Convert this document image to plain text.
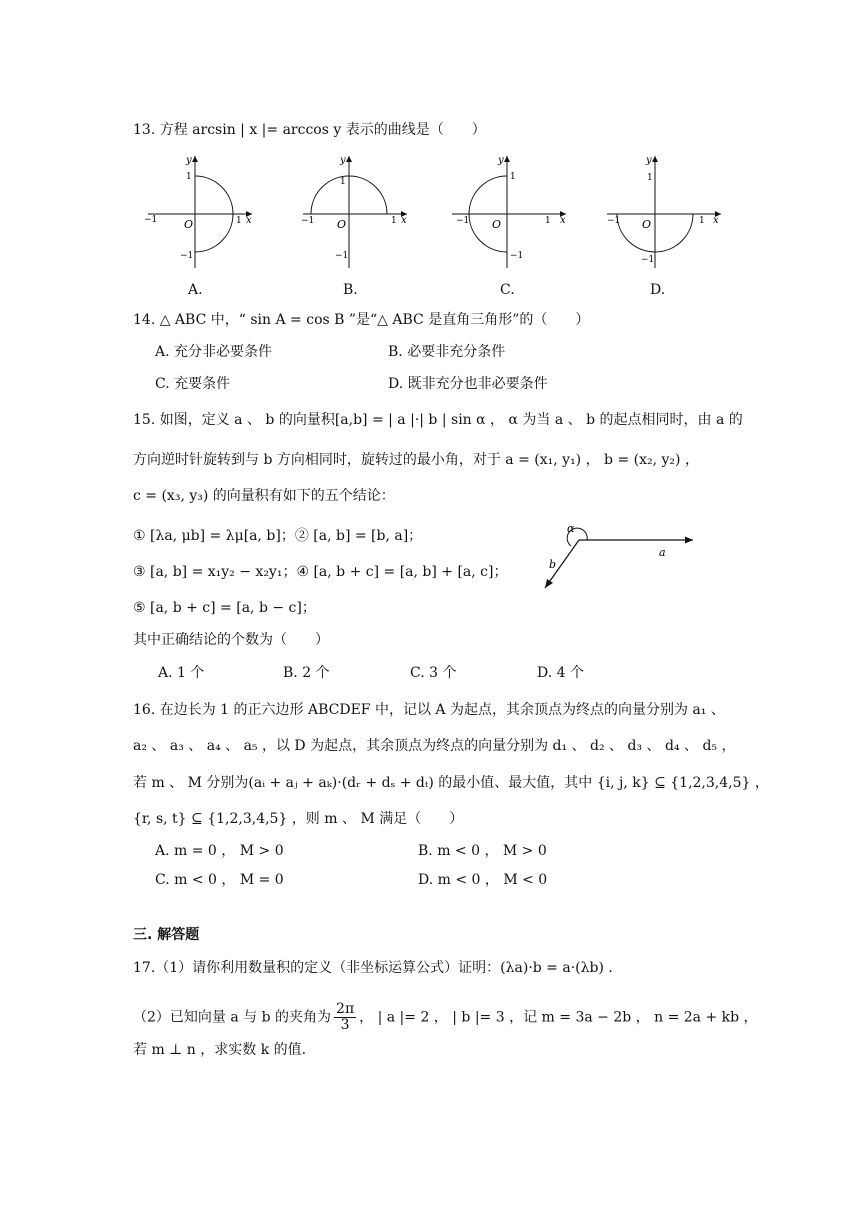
13. 方程 arcsin | x |= arccos y 表示的曲线是（　　）
−1	1 x
y
1
O
−1
A.
−1	1 x
y
1
O
−1
B.
−1	1 x
y
1
O
−1
C.
−1	1 x
y
1
O
−1
D.
14. △ ABC 中，“ sin A = cos B ”是“△ ABC 是直角三角形”的（　　）
A. 充分非必要条件	B. 必要非充分条件
C. 充要条件	D. 既非充分也非必要条件
15. 如图，定义 a 、 b 的向量积[a,b] = | a |·| b | sin α ， α 为当 a 、 b 的起点相同时，由 a 的
方向逆时针旋转到与 b 方向相同时，旋转过的最小角，对于 a = (x₁, y₁) ， b = (x₂, y₂) ，
c = (x₃, y₃) 的向量积有如下的五个结论：
① [λa, μb] = λμ[a, b]；② [a, b] = [b, a]；
③ [a, b] = x₁y₂ − x₂y₁；④ [a, b + c] = [a, b] + [a, c]；
⑤ [a, b + c] = [a, b − c]；
其中正确结论的个数为（　　）
A. 1 个	B. 2 个	C. 3 个	D. 4 个
α
a
b
16. 在边长为 1 的正六边形 ABCDEF 中，记以 A 为起点，其余顶点为终点的向量分别为 a₁ 、
a₂ 、 a₃ 、 a₄ 、 a₅ ，以 D 为起点，其余顶点为终点的向量分别为 d₁ 、 d₂ 、 d₃ 、 d₄ 、 d₅ ，
若 m 、 M 分别为(aᵢ + aⱼ + aₖ)·(dᵣ + dₛ + dₜ) 的最小值、最大值，其中 {i, j, k} ⊆ {1,2,3,4,5} ，
{r, s, t} ⊆ {1,2,3,4,5} ，则 m 、 M 满足（　　）
A. m = 0 ， M > 0	B. m < 0 ， M > 0
C. m < 0 ， M = 0	D. m < 0 ， M < 0
三. 解答题
17.（1）请你利用数量积的定义（非坐标运算公式）证明：(λa)·b = a·(λb) .
（2）已知向量 a 与 b 的夹角为 $\frac{2\pi}{3}$ ， | a |= 2 ， | b |= 3 ，记 m = 3a − 2b ， n = 2a + kb ，
若 m ⊥ n ，求实数 k 的值.
